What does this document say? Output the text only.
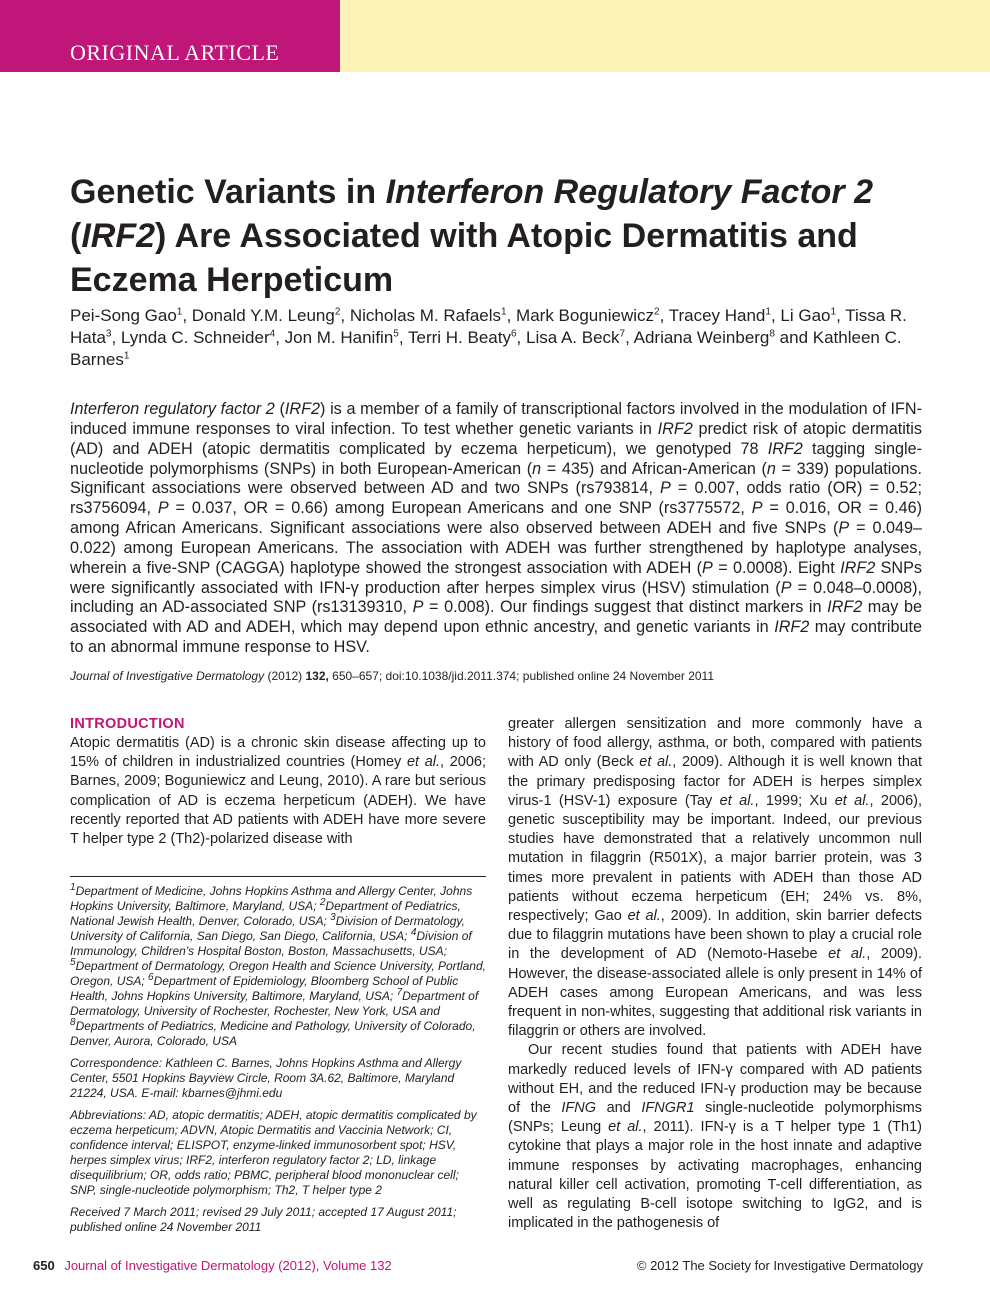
ORIGINAL ARTICLE
Genetic Variants in Interferon Regulatory Factor 2 (IRF2) Are Associated with Atopic Dermatitis and Eczema Herpeticum
Pei-Song Gao$^1$, Donald Y.M. Leung$^2$, Nicholas M. Rafaels$^1$, Mark Boguniewicz$^2$, Tracey Hand$^1$, Li Gao$^1$, Tissa R. Hata$^3$, Lynda C. Schneider$^4$, Jon M. Hanifin$^5$, Terri H. Beaty$^6$, Lisa A. Beck$^7$, Adriana Weinberg$^8$ and Kathleen C. Barnes$^1$
Interferon regulatory factor 2 (IRF2) is a member of a family of transcriptional factors involved in the modulation of IFN-induced immune responses to viral infection. To test whether genetic variants in IRF2 predict risk of atopic dermatitis (AD) and ADEH (atopic dermatitis complicated by eczema herpeticum), we genotyped 78 IRF2 tagging single-nucleotide polymorphisms (SNPs) in both European-American (n = 435) and African-American (n = 339) populations. Significant associations were observed between AD and two SNPs (rs793814, P = 0.007, odds ratio (OR) = 0.52; rs3756094, P = 0.037, OR = 0.66) among European Americans and one SNP (rs3775572, P = 0.016, OR = 0.46) among African Americans. Significant associations were also observed between ADEH and five SNPs (P = 0.049–0.022) among European Americans. The association with ADEH was further strengthened by haplotype analyses, wherein a five-SNP (CAGGA) haplotype showed the strongest association with ADEH (P = 0.0008). Eight IRF2 SNPs were significantly associated with IFN-γ production after herpes simplex virus (HSV) stimulation (P = 0.048–0.0008), including an AD-associated SNP (rs13139310, P = 0.008). Our findings suggest that distinct markers in IRF2 may be associated with AD and ADEH, which may depend upon ethnic ancestry, and genetic variants in IRF2 may contribute to an abnormal immune response to HSV.
Journal of Investigative Dermatology (2012) 132, 650–657; doi:10.1038/jid.2011.374; published online 24 November 2011
INTRODUCTION

Atopic dermatitis (AD) is a chronic skin disease affecting up to 15% of children in industrialized countries (Homey et al., 2006; Barnes, 2009; Boguniewicz and Leung, 2010). A rare but serious complication of AD is eczema herpeticum (ADEH). We have recently reported that AD patients with ADEH have more severe T helper type 2 (Th2)-polarized disease with

$^1$Department of Medicine, Johns Hopkins Asthma and Allergy Center, Johns Hopkins University, Baltimore, Maryland, USA; $^2$Department of Pediatrics, National Jewish Health, Denver, Colorado, USA; $^3$Division of Dermatology, University of California, San Diego, San Diego, California, USA; $^4$Division of Immunology, Children's Hospital Boston, Boston, Massachusetts, USA; $^5$Department of Dermatology, Oregon Health and Science University, Portland, Oregon, USA; $^6$Department of Epidemiology, Bloomberg School of Public Health, Johns Hopkins University, Baltimore, Maryland, USA; $^7$Department of Dermatology, University of Rochester, Rochester, New York, USA and $^8$Departments of Pediatrics, Medicine and Pathology, University of Colorado, Denver, Aurora, Colorado, USA

Correspondence: Kathleen C. Barnes, Johns Hopkins Asthma and Allergy Center, 5501 Hopkins Bayview Circle, Room 3A.62, Baltimore, Maryland 21224, USA. E-mail: kbarnes@jhmi.edu

Abbreviations: AD, atopic dermatitis; ADEH, atopic dermatitis complicated by eczema herpeticum; ADVN, Atopic Dermatitis and Vaccinia Network; CI, confidence interval; ELISPOT, enzyme-linked immunosorbent spot; HSV, herpes simplex virus; IRF2, interferon regulatory factor 2; LD, linkage disequilibrium; OR, odds ratio; PBMC, peripheral blood mononuclear cell; SNP, single-nucleotide polymorphism; Th2, T helper type 2

Received 7 March 2011; revised 29 July 2011; accepted 17 August 2011; published online 24 November 2011

greater allergen sensitization and more commonly have a history of food allergy, asthma, or both, compared with patients with AD only (Beck et al., 2009). Although it is well known that the primary predisposing factor for ADEH is herpes simplex virus-1 (HSV-1) exposure (Tay et al., 1999; Xu et al., 2006), genetic susceptibility may be important. Indeed, our previous studies have demonstrated that a relatively uncommon null mutation in filaggrin (R501X), a major barrier protein, was 3 times more prevalent in patients with ADEH than those AD patients without eczema herpeticum (EH; 24% vs. 8%, respectively; Gao et al., 2009). In addition, skin barrier defects due to filaggrin mutations have been shown to play a crucial role in the development of AD (Nemoto-Hasebe et al., 2009). However, the disease-associated allele is only present in 14% of ADEH cases among European Americans, and was less frequent in non-whites, suggesting that additional risk variants in filaggrin or others are involved.

Our recent studies found that patients with ADEH have markedly reduced levels of IFN-γ compared with AD patients without EH, and the reduced IFN-γ production may be because of the IFNG and IFNGR1 single-nucleotide polymorphisms (SNPs; Leung et al., 2011). IFN-γ is a T helper type 1 (Th1) cytokine that plays a major role in the host innate and adaptive immune responses by activating macrophages, enhancing natural killer cell activation, promoting T-cell differentiation, as well as regulating B-cell isotope switching to IgG2, and is implicated in the pathogenesis of

650 Journal of Investigative Dermatology (2012), Volume 132	© 2012 The Society for Investigative Dermatology
